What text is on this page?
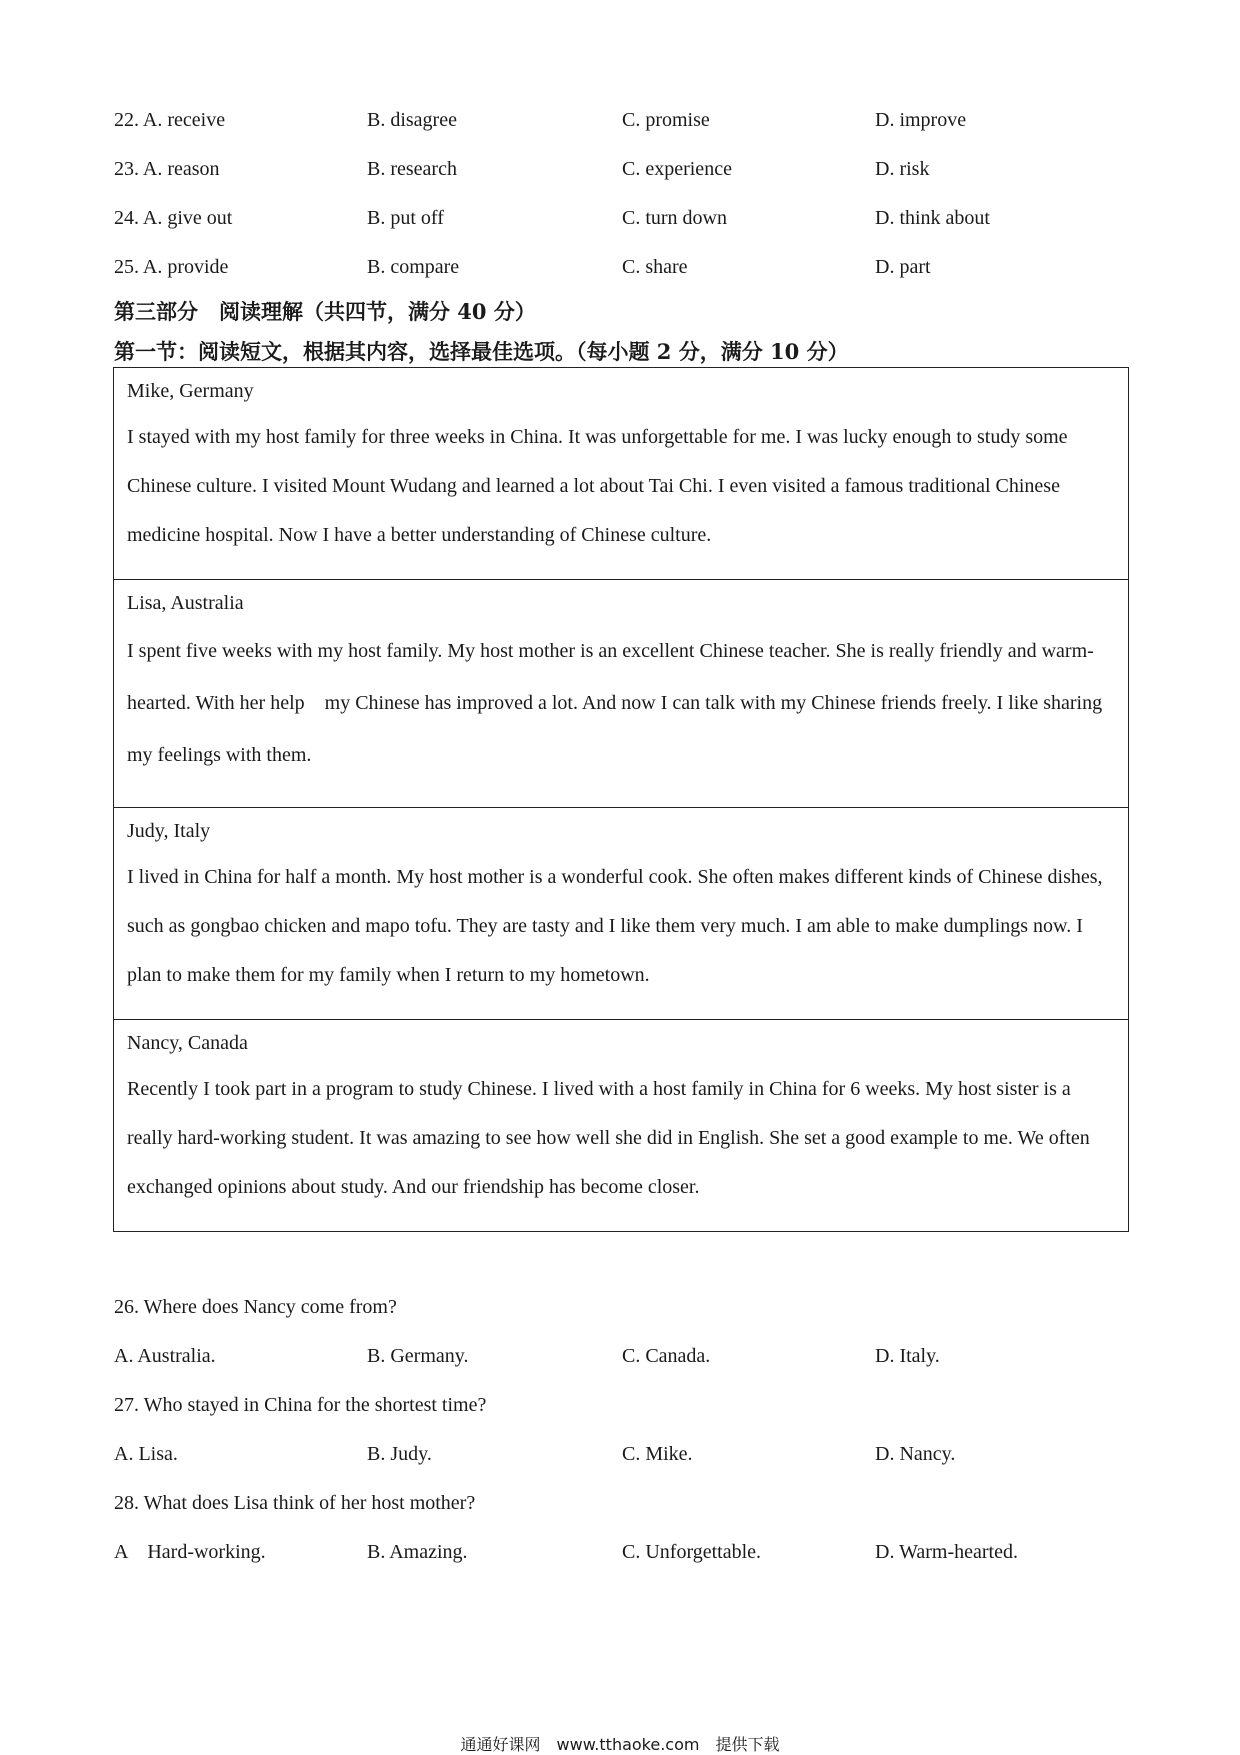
22. A. receive	B. disagree	C. promise	D. improve
23. A. reason	B. research	C. experience	D. risk
24. A. give out	B. put off	C. turn down	D. think about
25. A. provide	B. compare	C. share	D. part
第三部分　阅读理解（共四节，满分 40 分）
第一节：阅读短文，根据其内容，选择最佳选项。（每小题 2 分，满分 10 分）
Mike, Germany
I stayed with my host family for three weeks in China. It was unforgettable for me. I was lucky enough to study some Chinese culture. I visited Mount Wudang and learned a lot about Tai Chi. I even visited a famous traditional Chinese medicine hospital. Now I have a better understanding of Chinese culture.
Lisa, Australia
I spent five weeks with my host family. My host mother is an excellent Chinese teacher. She is really friendly and warm-hearted. With her help　my Chinese has improved a lot. And now I can talk with my Chinese friends freely. I like sharing my feelings with them.
Judy, Italy
I lived in China for half a month. My host mother is a wonderful cook. She often makes different kinds of Chinese dishes, such as gongbao chicken and mapo tofu. They are tasty and I like them very much. I am able to make dumplings now. I plan to make them for my family when I return to my hometown.
Nancy, Canada
Recently I took part in a program to study Chinese. I lived with a host family in China for 6 weeks. My host sister is a really hard-working student. It was amazing to see how well she did in English. She set a good example to me. We often exchanged opinions about study. And our friendship has become closer.
26. Where does Nancy come from?
A. Australia.	B. Germany.	C. Canada.	D. Italy.
27. Who stayed in China for the shortest time?
A. Lisa.	B. Judy.	C. Mike.	D. Nancy.
28. What does Lisa think of her host mother?
A　Hard-working.	B. Amazing.	C. Unforgettable.	D. Warm-hearted.
通通好课网　www.tthaoke.com　提供下载
